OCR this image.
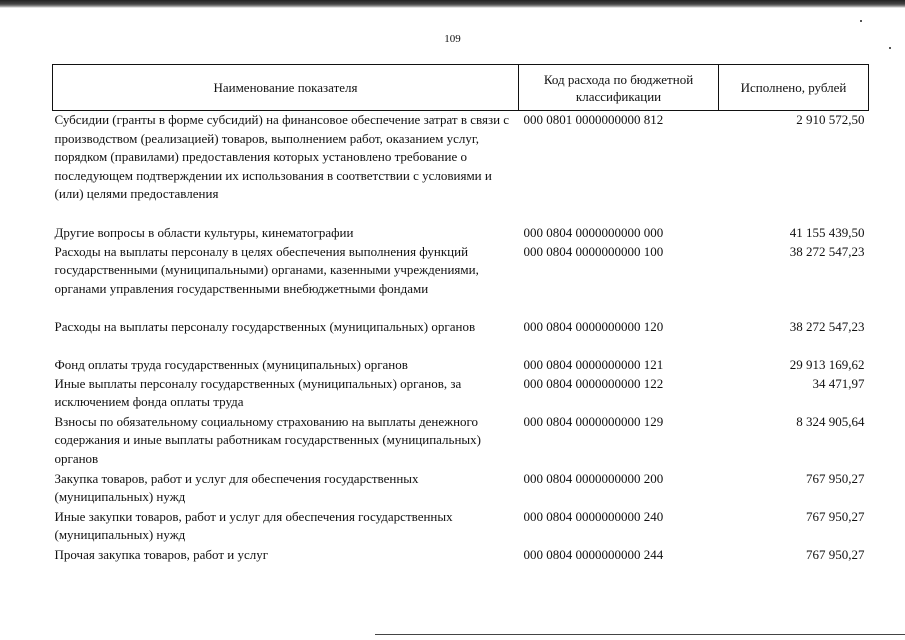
109
Наименование показателя	Код расхода по бюджетной классификации	Исполнено, рублей
Субсидии (гранты в форме субсидий) на финансовое обеспечение затрат в связи с производством (реализацией) товаров, выполнением работ, оказанием услуг, порядком (правилами) предоставления которых установлено требование о последующем подтверждении их использования в соответствии с условиями и (или) целями предоставления	000 0801 0000000000 812	2 910 572,50
Другие вопросы в области культуры, кинематографии	000 0804 0000000000 000	41 155 439,50
Расходы на выплаты персоналу в целях обеспечения выполнения функций государственными (муниципальными) органами, казенными учреждениями, органами управления государственными внебюджетными фондами	000 0804 0000000000 100	38 272 547,23
Расходы на выплаты персоналу государственных (муниципальных) органов	000 0804 0000000000 120	38 272 547,23
Фонд оплаты труда государственных (муниципальных) органов	000 0804 0000000000 121	29 913 169,62
Иные выплаты персоналу государственных (муниципальных) органов, за исключением фонда оплаты труда	000 0804 0000000000 122	34 471,97
Взносы по обязательному социальному страхованию на выплаты денежного содержания и иные выплаты работникам государственных (муниципальных) органов	000 0804 0000000000 129	8 324 905,64
Закупка товаров, работ и услуг для обеспечения государственных (муниципальных) нужд	000 0804 0000000000 200	767 950,27
Иные закупки товаров, работ и услуг для обеспечения государственных (муниципальных) нужд	000 0804 0000000000 240	767 950,27
Прочая закупка товаров, работ и услуг	000 0804 0000000000 244	767 950,27
